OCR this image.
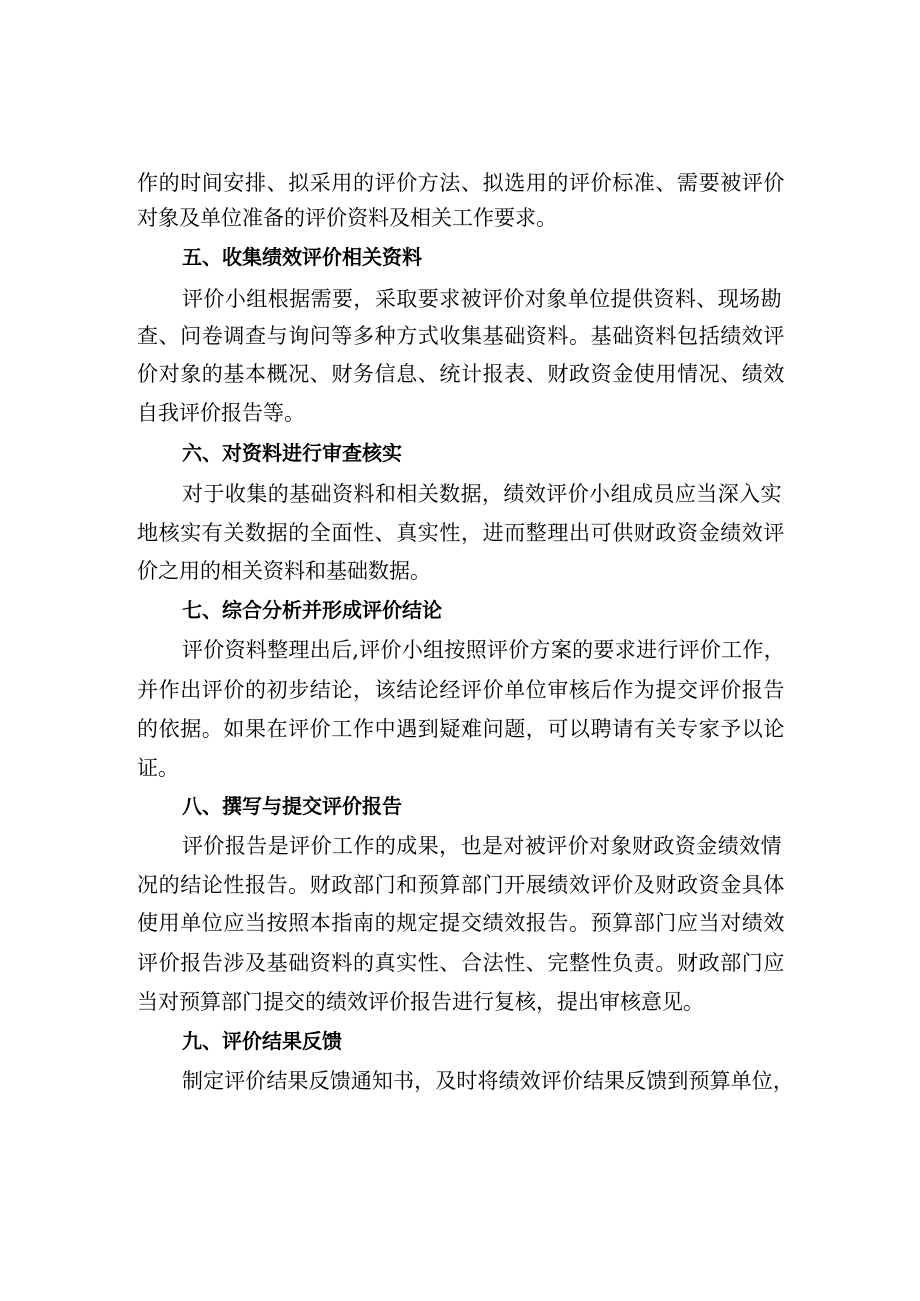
作的时间安排、拟采用的评价方法、拟选用的评价标准、需要被评价
对象及单位准备的评价资料及相关工作要求。
五、收集绩效评价相关资料
评价小组根据需要，采取要求被评价对象单位提供资料、现场勘
查、问卷调查与询问等多种方式收集基础资料。基础资料包括绩效评
价对象的基本概况、财务信息、统计报表、财政资金使用情况、绩效
自我评价报告等。
六、对资料进行审查核实
对于收集的基础资料和相关数据，绩效评价小组成员应当深入实
地核实有关数据的全面性、真实性，进而整理出可供财政资金绩效评
价之用的相关资料和基础数据。
七、综合分析并形成评价结论
评价资料整理出后,评价小组按照评价方案的要求进行评价工作，
并作出评价的初步结论，该结论经评价单位审核后作为提交评价报告
的依据。如果在评价工作中遇到疑难问题，可以聘请有关专家予以论
证。
八、撰写与提交评价报告
评价报告是评价工作的成果，也是对被评价对象财政资金绩效情
况的结论性报告。财政部门和预算部门开展绩效评价及财政资金具体
使用单位应当按照本指南的规定提交绩效报告。预算部门应当对绩效
评价报告涉及基础资料的真实性、合法性、完整性负责。财政部门应
当对预算部门提交的绩效评价报告进行复核，提出审核意见。
九、评价结果反馈
制定评价结果反馈通知书，及时将绩效评价结果反馈到预算单位，
